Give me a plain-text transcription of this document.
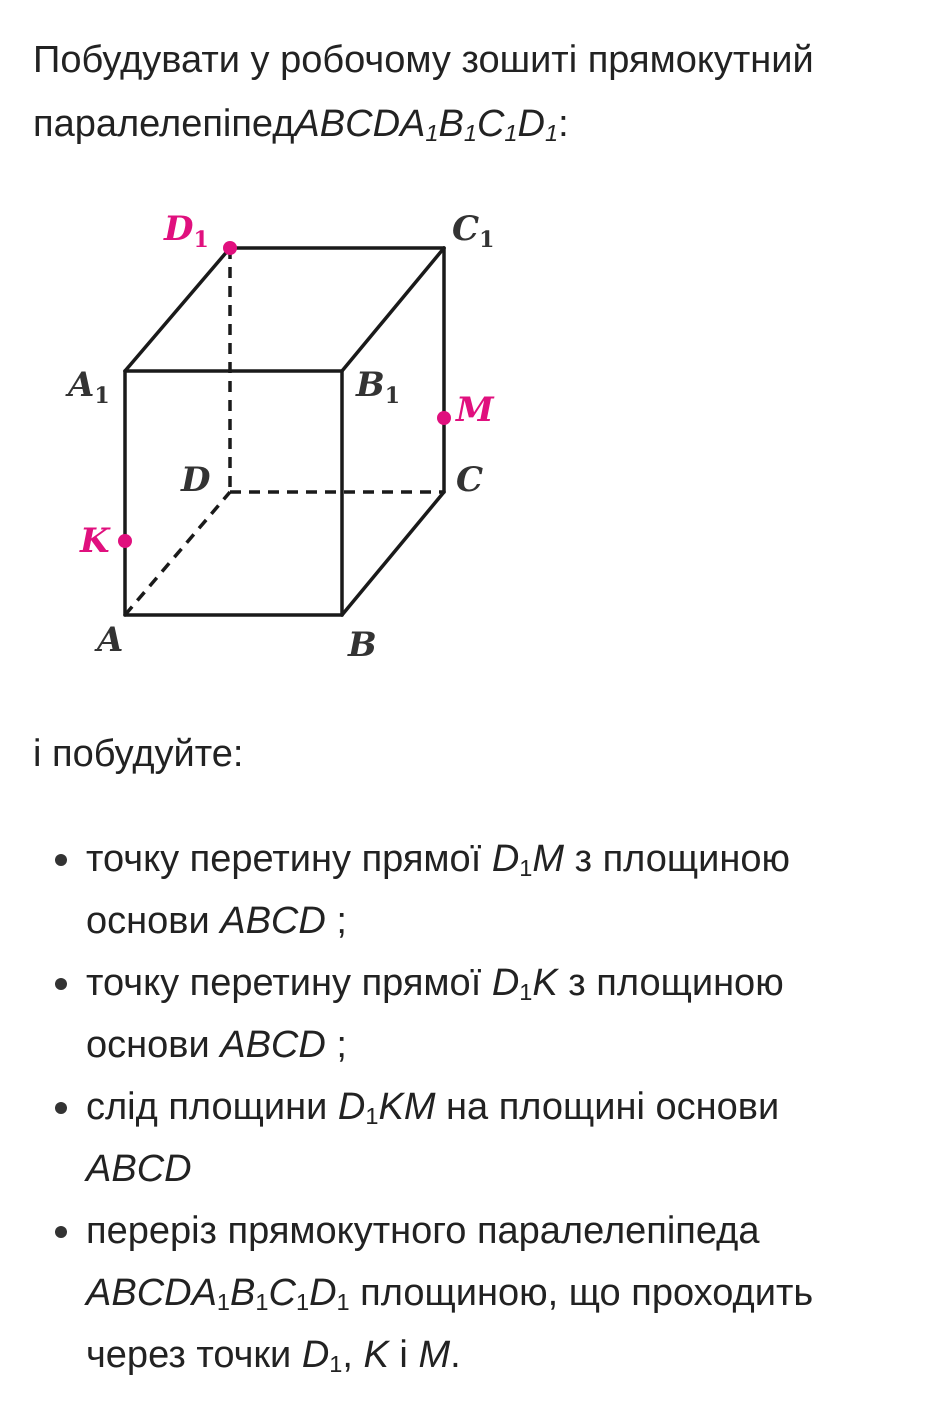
Побудувати у робочому зошиті прямокутний
$паралелепіпедABCDA_1B_1C_1D_1$:
$D_1$	$C_1$
$A_1$	$B_1$ M
D	C
K
A	B
і побудуйте:
точку перетину прямої $D_1M$ з площиною основи ABCD ;
точку перетину прямої $D_1K$ з площиною основи ABCD ;
слід площини $D_1KM$ на площині основи ABCD
переріз прямокутного паралелепіпеда $ABCDA_1B_1C_1D_1$ площиною, що проходить через точки $D_1$, K і M.
